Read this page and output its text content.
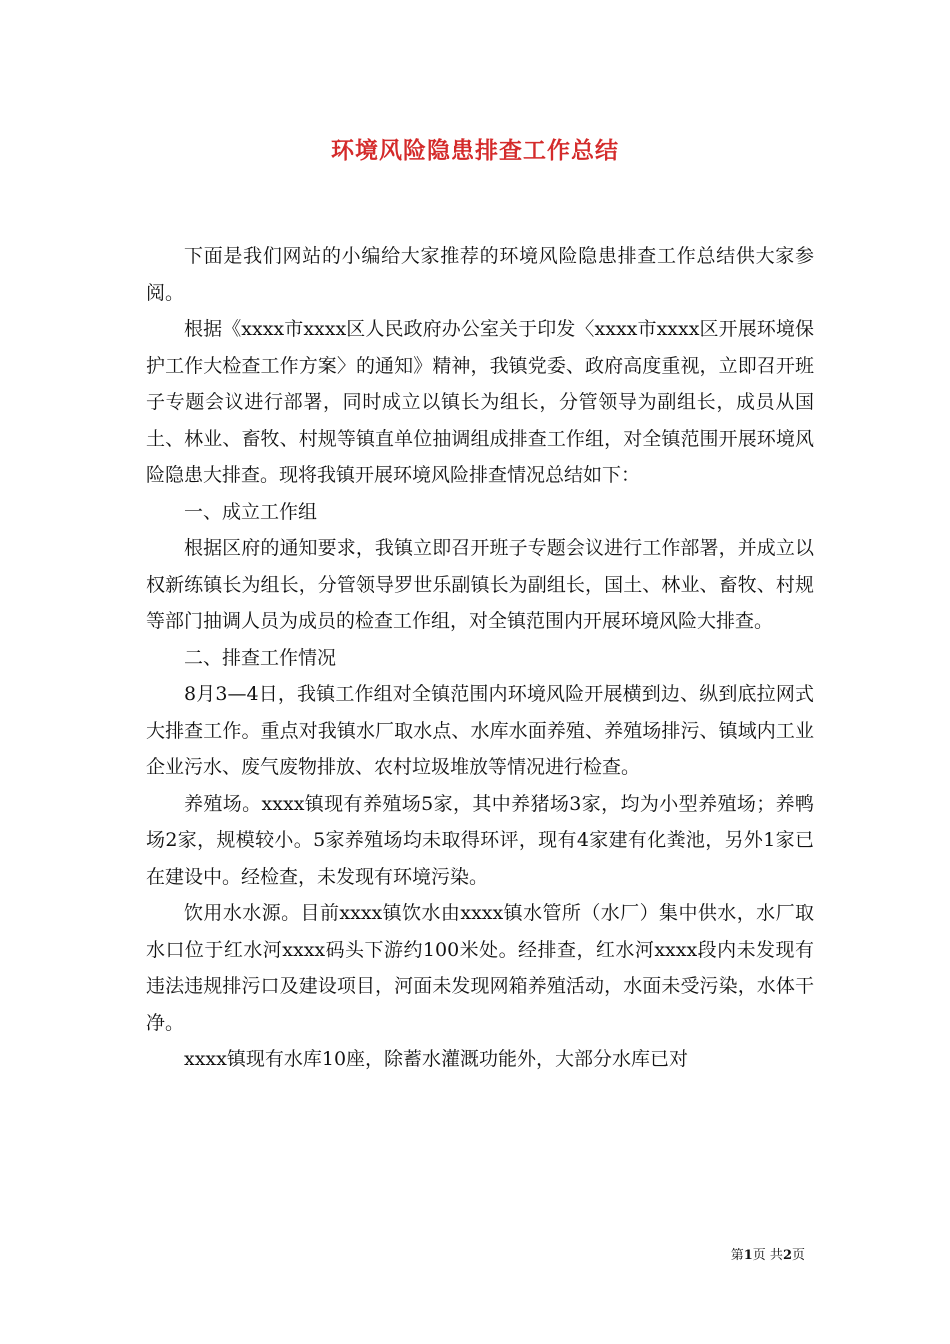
环境风险隐患排查工作总结

下面是我们网站的小编给大家推荐的环境风险隐患排查工作总结供大家参阅。

根据《xxxx市xxxx区人民政府办公室关于印发〈xxxx市xxxx区开展环境保护工作大检查工作方案〉的通知》精神，我镇党委、政府高度重视，立即召开班子专题会议进行部署，同时成立以镇长为组长，分管领导为副组长，成员从国土、林业、畜牧、村规等镇直单位抽调组成排查工作组，对全镇范围开展环境风险隐患大排查。现将我镇开展环境风险排查情况总结如下：

一、成立工作组

根据区府的通知要求，我镇立即召开班子专题会议进行工作部署，并成立以权新练镇长为组长，分管领导罗世乐副镇长为副组长，国土、林业、畜牧、村规等部门抽调人员为成员的检查工作组，对全镇范围内开展环境风险大排查。

二、排查工作情况

8月3—4日，我镇工作组对全镇范围内环境风险开展横到边、纵到底拉网式大排查工作。重点对我镇水厂取水点、水库水面养殖、养殖场排污、镇域内工业企业污水、废气废物排放、农村垃圾堆放等情况进行检查。

养殖场。xxxx镇现有养殖场5家，其中养猪场3家，均为小型养殖场；养鸭场2家，规模较小。5家养殖场均未取得环评，现有4家建有化粪池，另外1家已在建设中。经检查，未发现有环境污染。

饮用水水源。目前xxxx镇饮水由xxxx镇水管所（水厂）集中供水，水厂取水口位于红水河xxxx码头下游约100米处。经排查，红水河xxxx段内未发现有违法违规排污口及建设项目，河面未发现网箱养殖活动，水面未受污染，水体干净。

xxxx镇现有水库10座，除蓄水灌溉功能外，大部分水库已对

第1页 共2页
